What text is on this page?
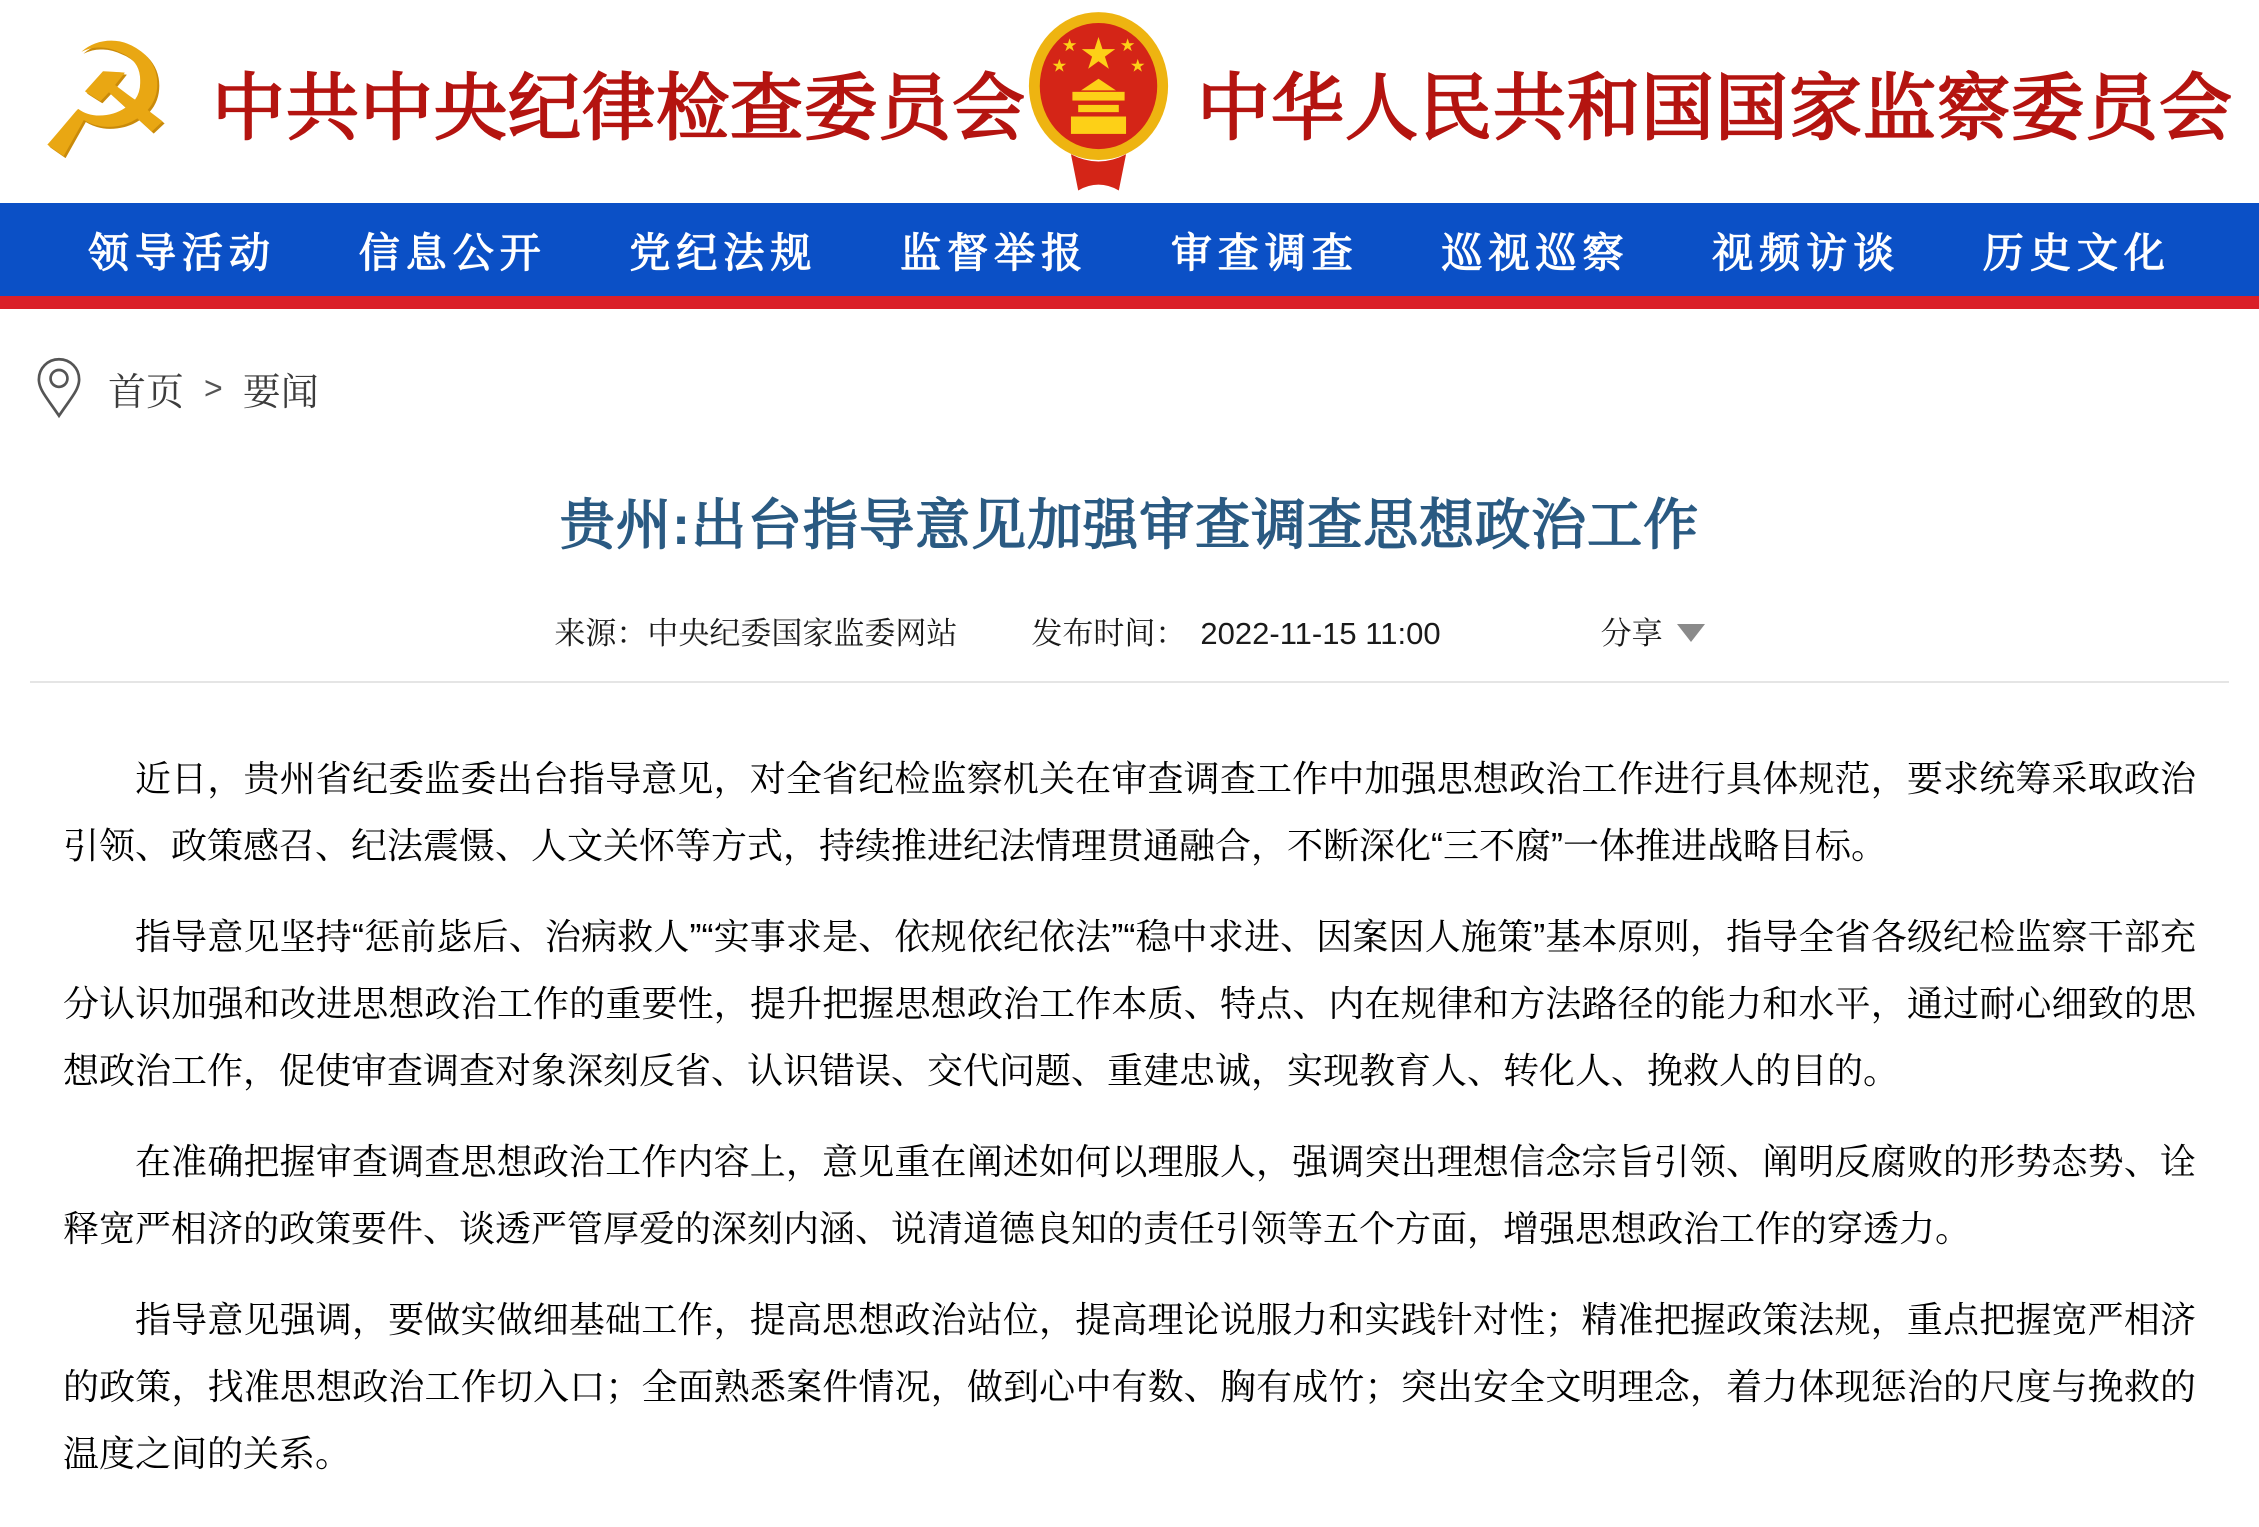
☭ 中共中央纪律检查委员会
★
★	★
★	★
中华人民共和国国家监察委员会
领导活动 信息公开 党纪法规 监督举报 审查调查 巡视巡察 视频访谈 历史文化
首页 > 要闻
贵州:出台指导意见加强审查调查思想政治工作
来源：中央纪委国家监委网站 发布时间： 2022-11-15 11:00	分享

近日，贵州省纪委监委出台指导意见，对全省纪检监察机关在审查调查工作中加强思想政治工作进行具体规范，要求统筹采取政治引领、政策感召、纪法震慑、人文关怀等方式，持续推进纪法情理贯通融合，不断深化“三不腐”一体推进战略目标。

指导意见坚持“惩前毖后、治病救人”“实事求是、依规依纪依法”“稳中求进、因案因人施策”基本原则，指导全省各级纪检监察干部充分认识加强和改进思想政治工作的重要性，提升把握思想政治工作本质、特点、内在规律和方法路径的能力和水平，通过耐心细致的思想政治工作，促使审查调查对象深刻反省、认识错误、交代问题、重建忠诚，实现教育人、转化人、挽救人的目的。

在准确把握审查调查思想政治工作内容上，意见重在阐述如何以理服人，强调突出理想信念宗旨引领、阐明反腐败的形势态势、诠释宽严相济的政策要件、谈透严管厚爱的深刻内涵、说清道德良知的责任引领等五个方面，增强思想政治工作的穿透力。

指导意见强调，要做实做细基础工作，提高思想政治站位，提高理论说服力和实践针对性；精准把握政策法规，重点把握宽严相济的政策，找准思想政治工作切入口；全面熟悉案件情况，做到心中有数、胸有成竹；突出安全文明理念，着力体现惩治的尺度与挽救的温度之间的关系。
